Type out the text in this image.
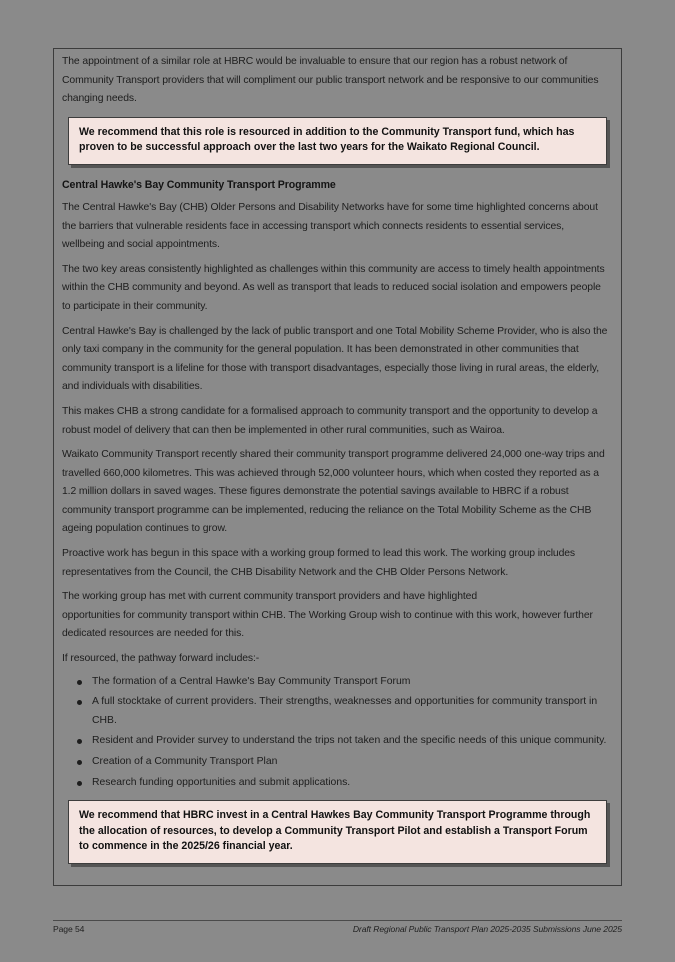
The appointment of a similar role at HBRC would be invaluable to ensure that our region has a robust network of Community Transport providers that will compliment our public transport network and be responsive to our communities changing needs.

We recommend that this role is resourced in addition to the Community Transport fund, which has proven to be successful approach over the last two years for the Waikato Regional Council.

Central Hawke's Bay Community Transport Programme

The Central Hawke's Bay (CHB) Older Persons and Disability Networks have for some time highlighted concerns about the barriers that vulnerable residents face in accessing transport which connects residents to essential services, wellbeing and social appointments.

The two key areas consistently highlighted as challenges within this community are access to timely health appointments within the CHB community and beyond. As well as transport that leads to reduced social isolation and empowers people to participate in their community.

Central Hawke's Bay is challenged by the lack of public transport and one Total Mobility Scheme Provider, who is also the only taxi company in the community for the general population. It has been demonstrated in other communities that community transport is a lifeline for those with transport disadvantages, especially those living in rural areas, the elderly, and individuals with disabilities.

This makes CHB a strong candidate for a formalised approach to community transport and the opportunity to develop a robust model of delivery that can then be implemented in other rural communities, such as Wairoa.

Waikato Community Transport recently shared their community transport programme delivered 24,000 one-way trips and travelled 660,000 kilometres. This was achieved through 52,000 volunteer hours, which when costed they reported as a 1.2 million dollars in saved wages. These figures demonstrate the potential savings available to HBRC if a robust community transport programme can be implemented, reducing the reliance on the Total Mobility Scheme as the CHB ageing population continues to grow.

Proactive work has begun in this space with a working group formed to lead this work. The working group includes representatives from the Council, the CHB Disability Network and the CHB Older Persons Network.

The working group has met with current community transport providers and have highlighted

opportunities for community transport within CHB. The Working Group wish to continue with this work, however further dedicated resources are needed for this.

If resourced, the pathway forward includes:-

The formation of a Central Hawke's Bay Community Transport Forum
A full stocktake of current providers. Their strengths, weaknesses and opportunities for community transport in CHB.
Resident and Provider survey to understand the trips not taken and the specific needs of this unique community.
Creation of a Community Transport Plan
Research funding opportunities and submit applications.

We recommend that HBRC invest in a Central Hawkes Bay Community Transport Programme through the allocation of resources, to develop a Community Transport Pilot and establish a Transport Forum to commence in the 2025/26 financial year.

Page 54	Draft Regional Public Transport Plan 2025-2035 Submissions June 2025
